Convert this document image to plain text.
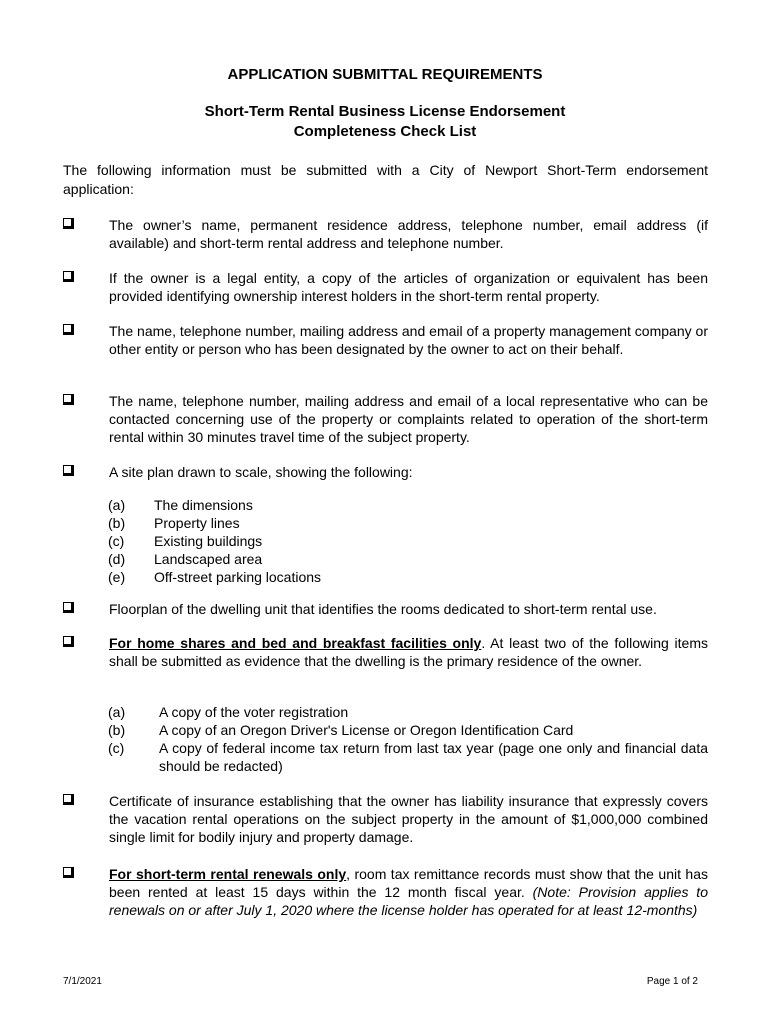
APPLICATION SUBMITTAL REQUIREMENTS
Short-Term Rental Business License Endorsement
Completeness Check List
The following information must be submitted with a City of Newport Short-Term endorsement application:
The owner’s name, permanent residence address, telephone number, email address (if available) and short-term rental address and telephone number.
If the owner is a legal entity, a copy of the articles of organization or equivalent has been provided identifying ownership interest holders in the short-term rental property.
The name, telephone number, mailing address and email of a property management company or other entity or person who has been designated by the owner to act on their behalf.
The name, telephone number, mailing address and email of a local representative who can be contacted concerning use of the property or complaints related to operation of the short-term rental within 30 minutes travel time of the subject property.
A site plan drawn to scale, showing the following:
(a) The dimensions
(b) Property lines
(c) Existing buildings
(d) Landscaped area
(e) Off-street parking locations
Floorplan of the dwelling unit that identifies the rooms dedicated to short-term rental use.
For home shares and bed and breakfast facilities only. At least two of the following items shall be submitted as evidence that the dwelling is the primary residence of the owner.
(a) A copy of the voter registration
(b) A copy of an Oregon Driver's License or Oregon Identification Card
(c) A copy of federal income tax return from last tax year (page one only and financial data should be redacted)
Certificate of insurance establishing that the owner has liability insurance that expressly covers the vacation rental operations on the subject property in the amount of $1,000,000 combined single limit for bodily injury and property damage.
For short-term rental renewals only, room tax remittance records must show that the unit has been rented at least 15 days within the 12 month fiscal year. (Note: Provision applies to renewals on or after July 1, 2020 where the license holder has operated for at least 12-months)
7/1/2021	Page 1 of 2
